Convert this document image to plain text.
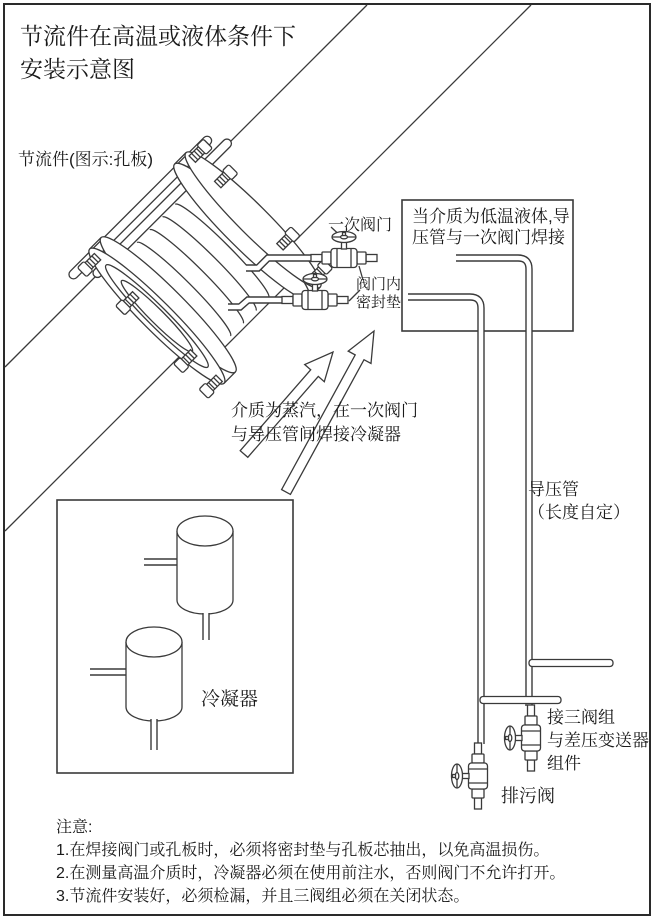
节流件在高温或液体条件下
安装示意图
节流件(图示:孔板)
一次阀门
阀门内
密封垫
当介质为低温液体,导
压管与一次阀门焊接
介质为蒸汽，在一次阀门
与导压管间焊接冷凝器
导压管
（长度自定）
冷凝器
接三阀组
与差压变送器
组件
排污阀
注意:
1.在焊接阀门或孔板时，必须将密封垫与孔板芯抽出，以免高温损伤。
2.在测量高温介质时，冷凝器必须在使用前注水，否则阀门不允许打开。
3.节流件安装好，必须检漏，并且三阀组必须在关闭状态。
